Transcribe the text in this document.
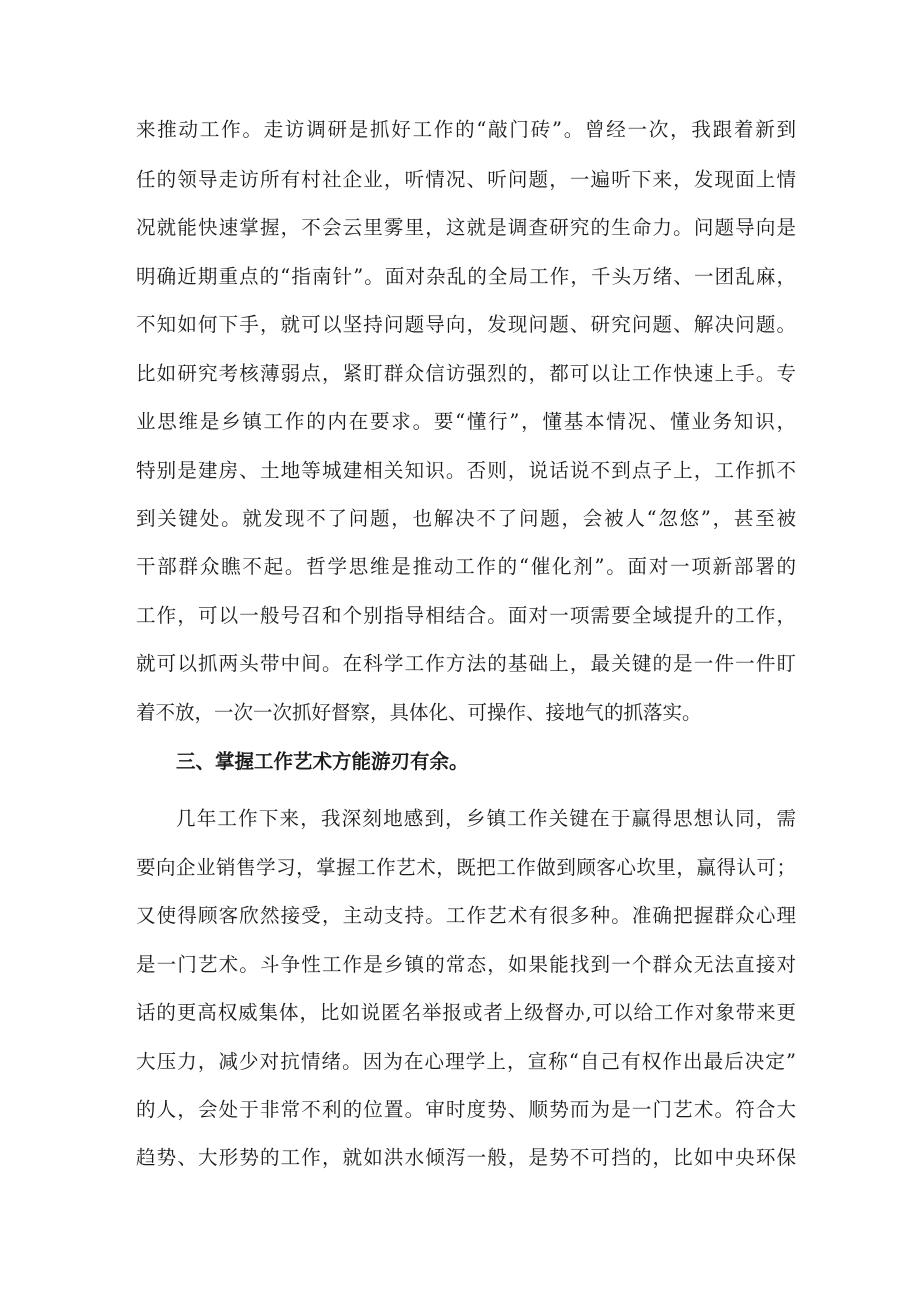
来推动工作。走访调研是抓好工作的“敲门砖”。曾经一次，我跟着新到
任的领导走访所有村社企业，听情况、听问题，一遍听下来，发现面上情
况就能快速掌握，不会云里雾里，这就是调查研究的生命力。问题导向是
明确近期重点的“指南针”。面对杂乱的全局工作，千头万绪、一团乱麻，
不知如何下手，就可以坚持问题导向，发现问题、研究问题、解决问题。
比如研究考核薄弱点，紧盯群众信访强烈的，都可以让工作快速上手。专
业思维是乡镇工作的内在要求。要“懂行”，懂基本情况、懂业务知识，
特别是建房、土地等城建相关知识。否则，说话说不到点子上，工作抓不
到关键处。就发现不了问题，也解决不了问题，会被人“忽悠”，甚至被
干部群众瞧不起。哲学思维是推动工作的“催化剂”。面对一项新部署的
工作，可以一般号召和个别指导相结合。面对一项需要全域提升的工作，
就可以抓两头带中间。在科学工作方法的基础上，最关键的是一件一件盯
着不放，一次一次抓好督察，具体化、可操作、接地气的抓落实。
三、掌握工作艺术方能游刃有余。
几年工作下来，我深刻地感到，乡镇工作关键在于赢得思想认同，需
要向企业销售学习，掌握工作艺术，既把工作做到顾客心坎里，赢得认可；
又使得顾客欣然接受，主动支持。工作艺术有很多种。准确把握群众心理
是一门艺术。斗争性工作是乡镇的常态，如果能找到一个群众无法直接对
话的更高权威集体，比如说匿名举报或者上级督办,可以给工作对象带来更
大压力，减少对抗情绪。因为在心理学上，宣称“自己有权作出最后决定”
的人，会处于非常不利的位置。审时度势、顺势而为是一门艺术。符合大
趋势、大形势的工作，就如洪水倾泻一般，是势不可挡的，比如中央环保
